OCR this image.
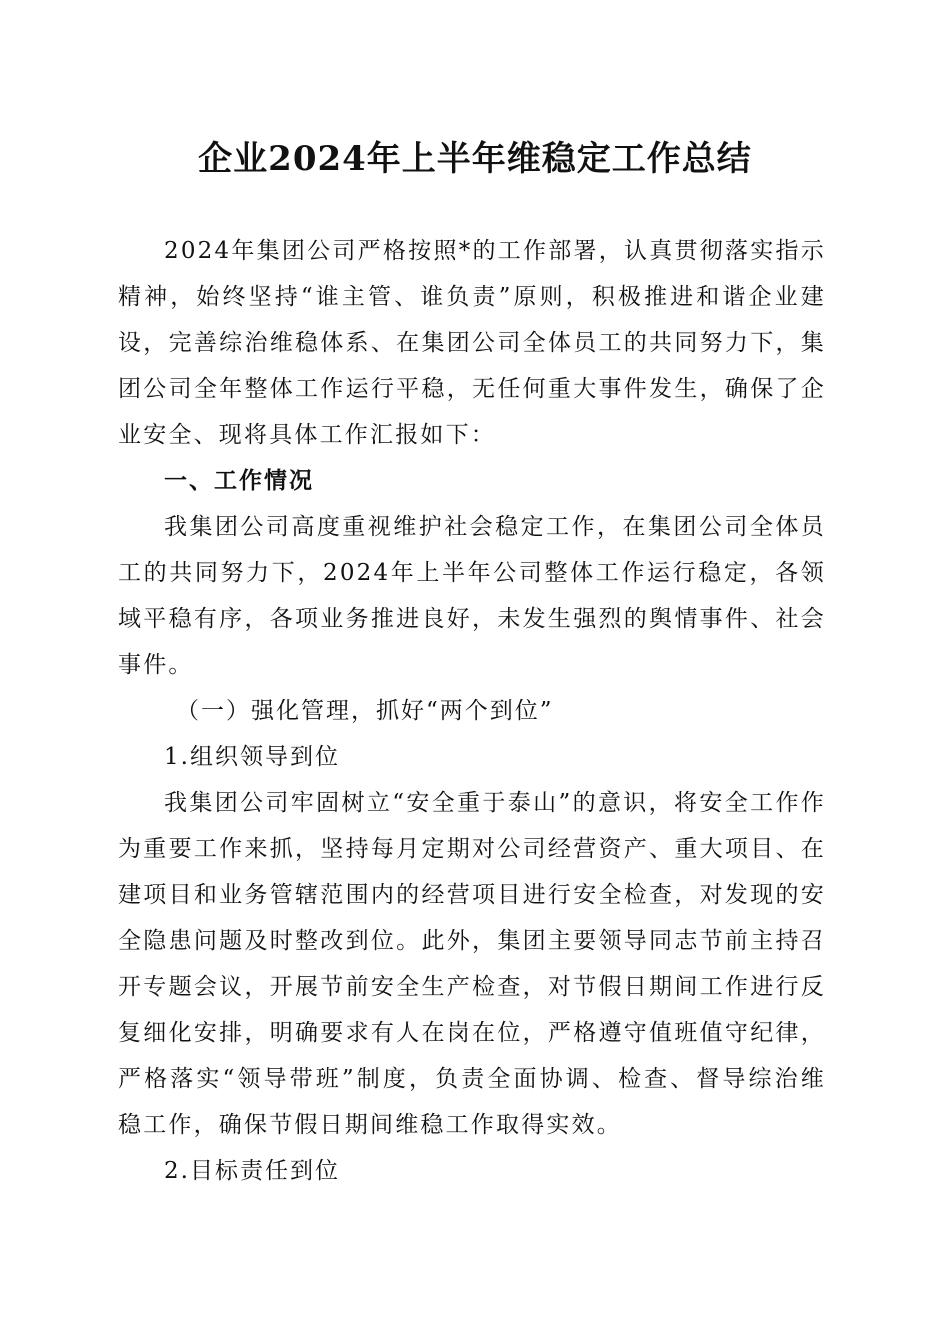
企业2024年上半年维稳定工作总结

2024年集团公司严格按照*的工作部署，认真贯彻落实指示精神，始终坚持“谁主管、谁负责”原则，积极推进和谐企业建设，完善综治维稳体系、在集团公司全体员工的共同努力下，集团公司全年整体工作运行平稳，无任何重大事件发生，确保了企业安全、现将具体工作汇报如下：

一、工作情况

我集团公司高度重视维护社会稳定工作，在集团公司全体员工的共同努力下，2024年上半年公司整体工作运行稳定，各领域平稳有序，各项业务推进良好，未发生强烈的舆情事件、社会事件。

（一）强化管理，抓好“两个到位”

1.组织领导到位

我集团公司牢固树立“安全重于泰山”的意识，将安全工作作为重要工作来抓，坚持每月定期对公司经营资产、重大项目、在建项目和业务管辖范围内的经营项目进行安全检查，对发现的安全隐患问题及时整改到位。此外，集团主要领导同志节前主持召开专题会议，开展节前安全生产检查，对节假日期间工作进行反复细化安排，明确要求有人在岗在位，严格遵守值班值守纪律，严格落实“领导带班”制度，负责全面协调、检查、督导综治维稳工作，确保节假日期间维稳工作取得实效。

2.目标责任到位
